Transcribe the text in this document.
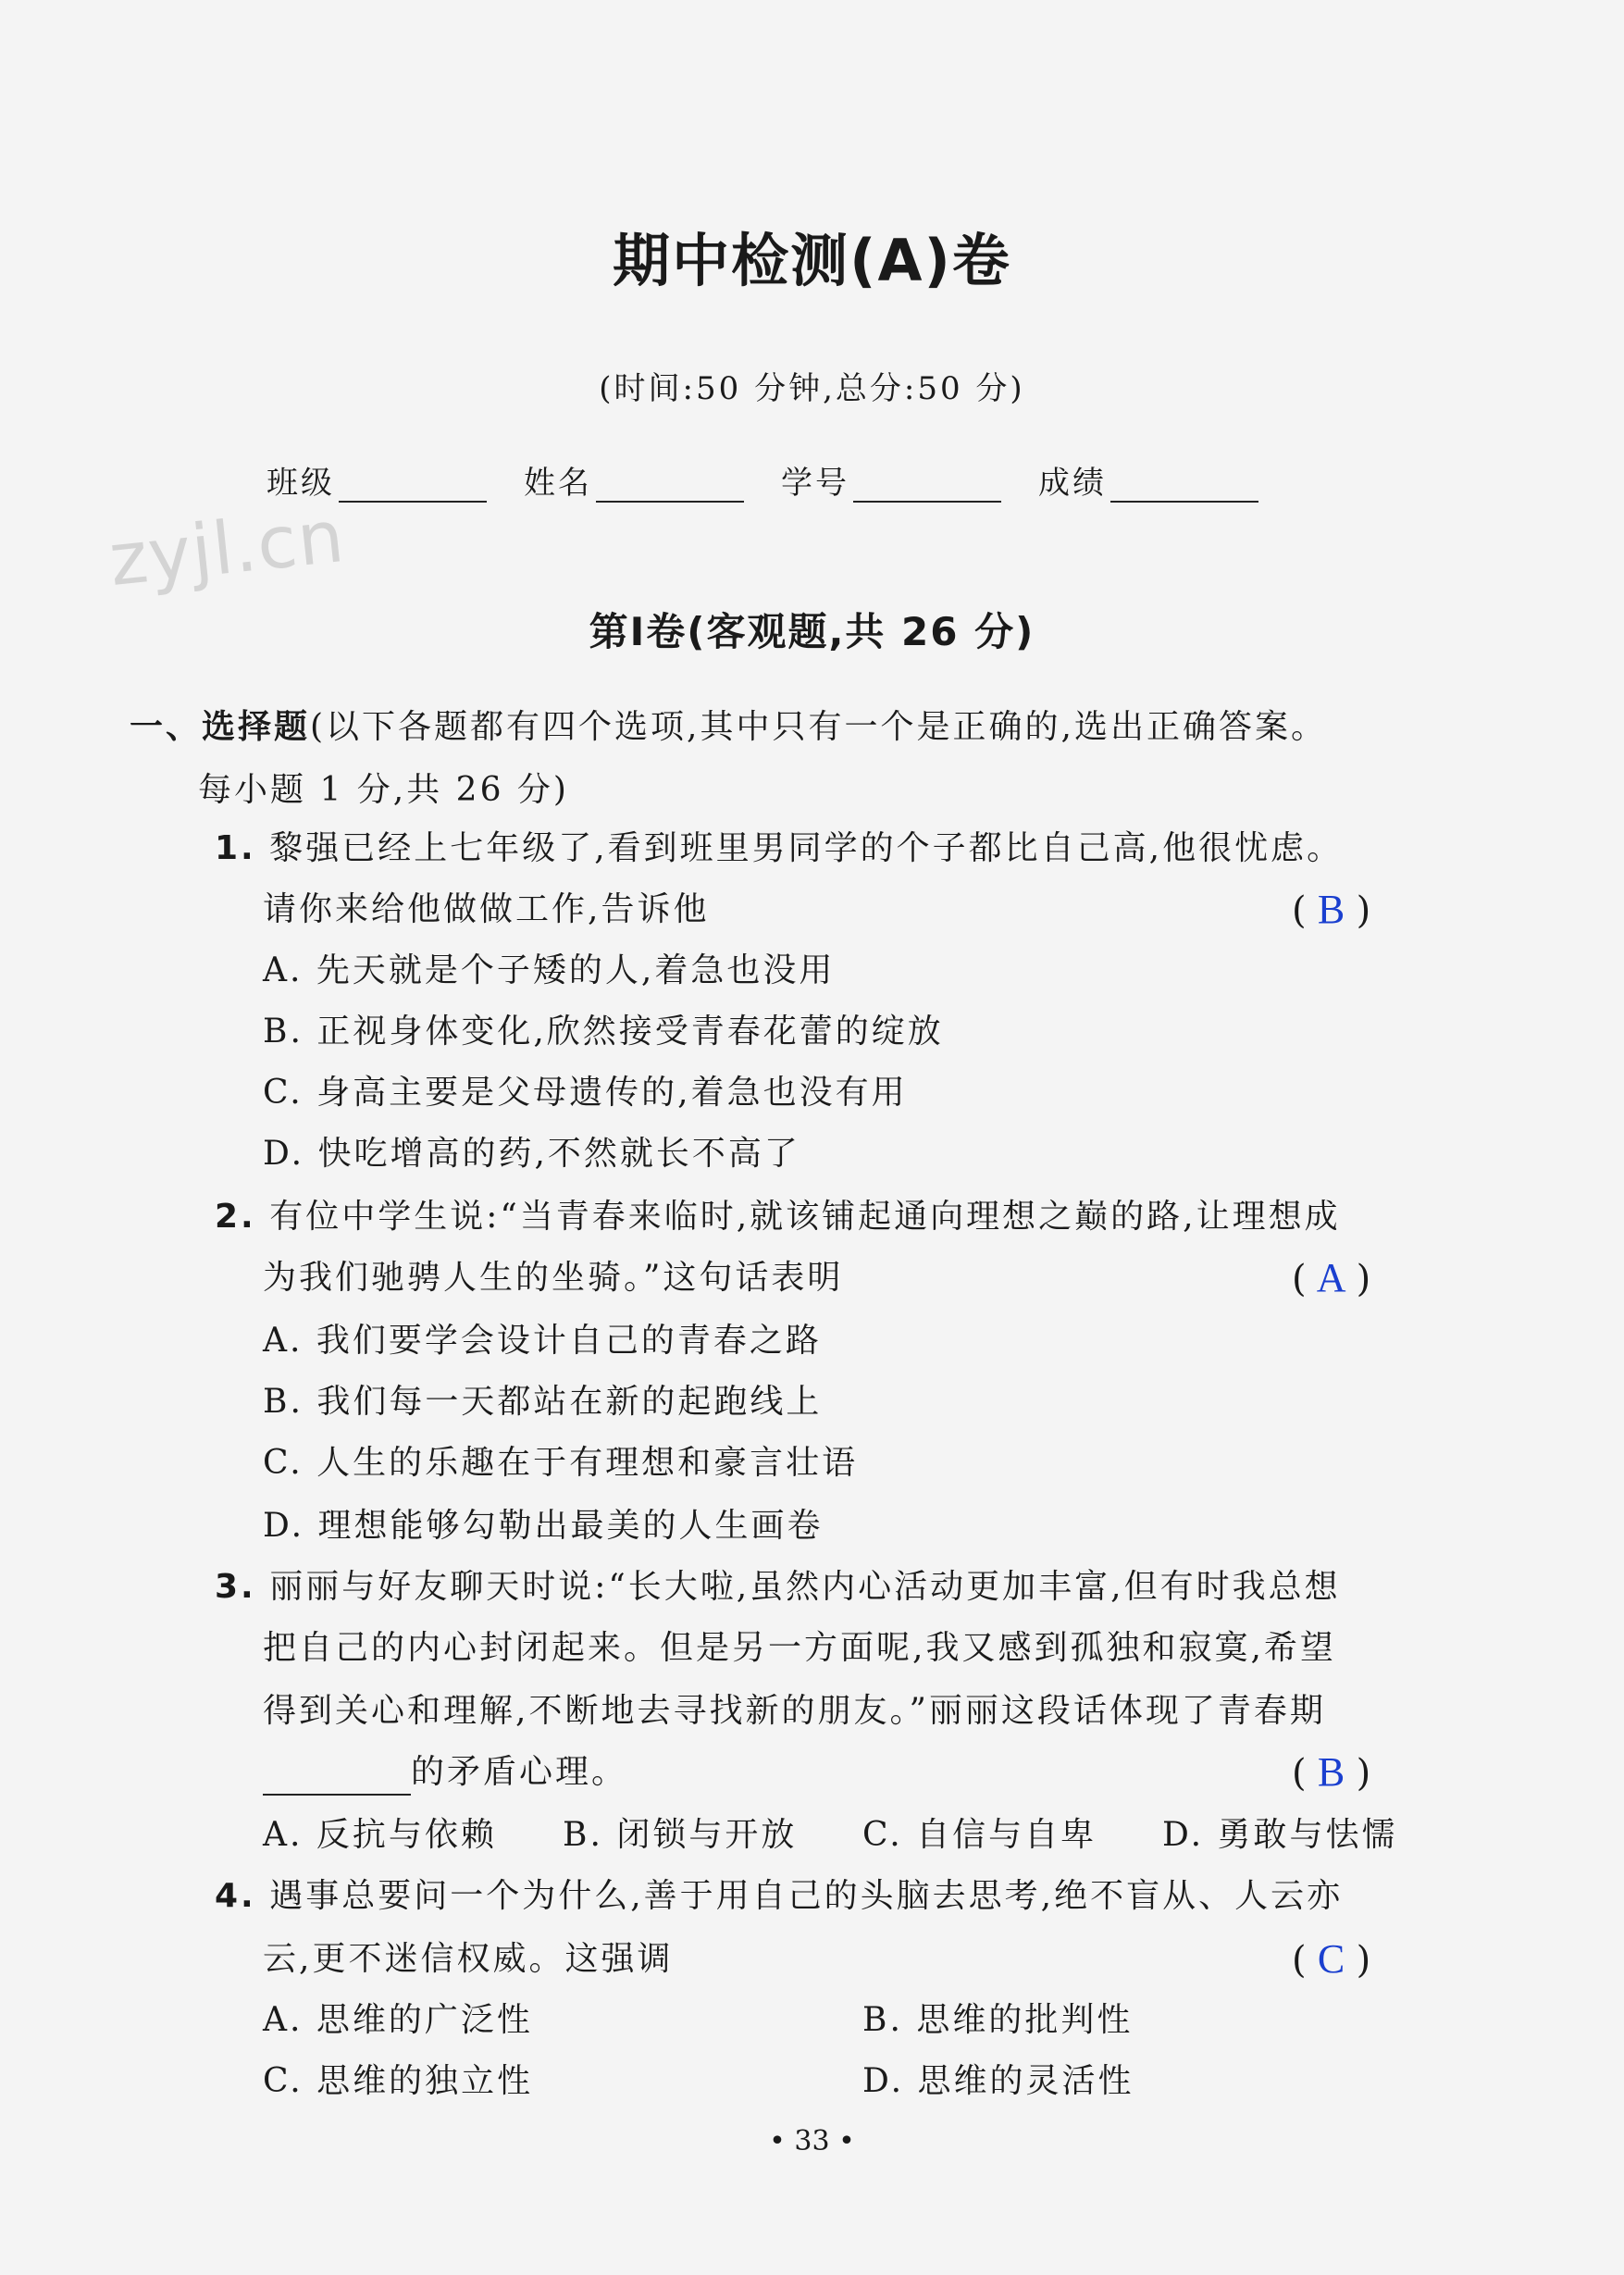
期中检测(A)卷
(时间:50 分钟,总分:50 分)
班级	姓名	学号	成绩
zyjl.cn
第Ⅰ卷(客观题,共 26 分)
一、选择题(以下各题都有四个选项,其中只有一个是正确的,选出正确答案。
每小题 1 分,共 26 分)
1. 黎强已经上七年级了,看到班里男同学的个子都比自己高,他很忧虑。
请你来给他做做工作,告诉他	( B )
A. 先天就是个子矮的人,着急也没用
B. 正视身体变化,欣然接受青春花蕾的绽放
C. 身高主要是父母遗传的,着急也没有用
D. 快吃增高的药,不然就长不高了
2. 有位中学生说:“当青春来临时,就该铺起通向理想之巅的路,让理想成
为我们驰骋人生的坐骑。”这句话表明	( A )
A. 我们要学会设计自己的青春之路
B. 我们每一天都站在新的起跑线上
C. 人生的乐趣在于有理想和豪言壮语
D. 理想能够勾勒出最美的人生画卷
3. 丽丽与好友聊天时说:“长大啦,虽然内心活动更加丰富,但有时我总想
把自己的内心封闭起来。但是另一方面呢,我又感到孤独和寂寞,希望
得到关心和理解,不断地去寻找新的朋友。”丽丽这段话体现了青春期
的矛盾心理。	( B )
A. 反抗与依赖 B. 闭锁与开放 C. 自信与自卑 D. 勇敢与怯懦
4. 遇事总要问一个为什么,善于用自己的头脑去思考,绝不盲从、人云亦
云,更不迷信权威。这强调	( C )
A. 思维的广泛性	B. 思维的批判性
C. 思维的独立性	D. 思维的灵活性
• 33 •
